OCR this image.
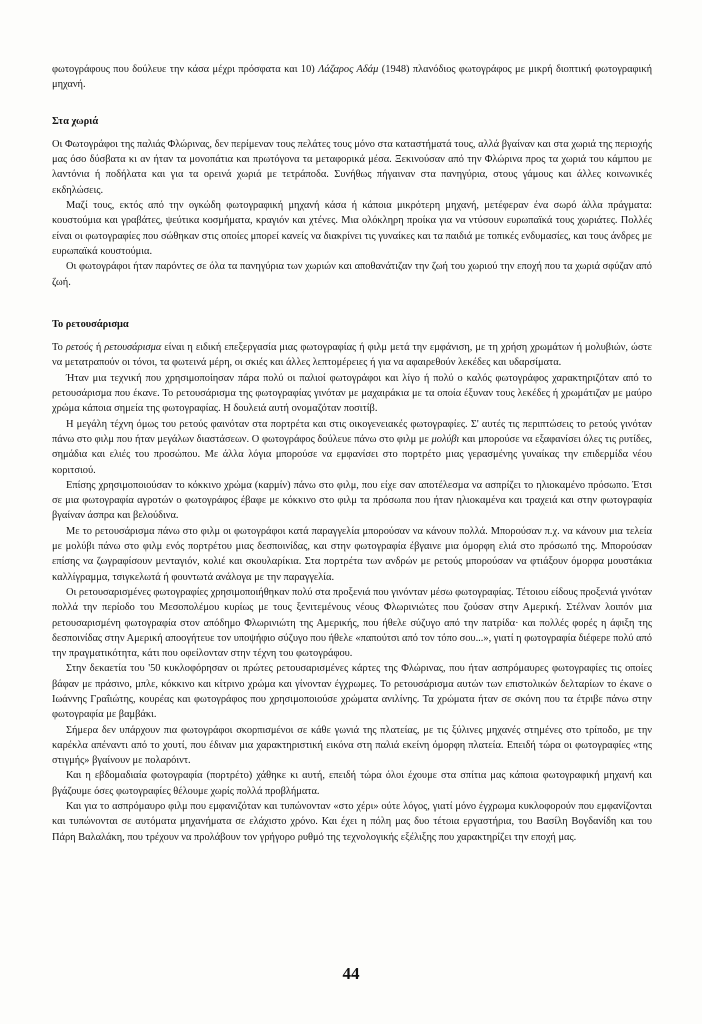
φωτογράφους που δούλευε την κάσα μέχρι πρόσφατα και 10) Λάζαρος Αδάμ (1948) πλανόδιος φωτογράφος με μικρή διοπτική φωτογραφική μηχανή.

Στα χωριά

Οι Φωτογράφοι της παλιάς Φλώρινας, δεν περίμεναν τους πελάτες τους μόνο στα καταστήματά τους, αλλά βγαίναν και στα χωριά της περιοχής μας όσο δύσβατα κι αν ήταν τα μονοπάτια και πρωτόγονα τα μεταφορικά μέσα. Ξεκινούσαν από την Φλώρινα προς τα χωριά του κάμπου με λαντόνια ή ποδήλατα και για τα ορεινά χωριά με τετράποδα. Συνήθως πήγαιναν στα πανηγύρια, στους γάμους και άλλες κοινωνικές εκδηλώσεις.

Μαζί τους, εκτός από την ογκώδη φωτογραφική μηχανή κάσα ή κάποια μικρότερη μηχανή, μετέφεραν ένα σωρό άλλα πράγματα: κουστούμια και γραβάτες, ψεύτικα κοσμήματα, κραγιόν και χτένες. Μια ολόκληρη προίκα για να ντύσουν ευρωπαϊκά τους χωριάτες. Πολλές είναι οι φωτογραφίες που σώθηκαν στις οποίες μπορεί κανείς να διακρίνει τις γυναίκες και τα παιδιά με τοπικές ενδυμασίες, και τους άνδρες με ευρωπαϊκά κουστούμια.

Οι φωτογράφοι ήταν παρόντες σε όλα τα πανηγύρια των χωριών και αποθανάτιζαν την ζωή του χωριού την εποχή που τα χωριά σφύζαν από ζωή.

Το ρετουσάρισμα

Το ρετούς ή ρετουσάρισμα είναι η ειδική επεξεργασία μιας φωτογραφίας ή φιλμ μετά την εμφάνιση, με τη χρήση χρωμάτων ή μολυβιών, ώστε να μετατραπούν οι τόνοι, τα φωτεινά μέρη, οι σκιές και άλλες λεπτομέρειες ή για να αφαιρεθούν λεκέδες και υδαρσίματα.

Ήταν μια τεχνική που χρησιμοποίησαν πάρα πολύ οι παλιοί φωτογράφοι και λίγο ή πολύ ο καλός φωτογράφος χαρακτηριζόταν από το ρετουσάρισμα που έκανε. Το ρετουσάρισμα της φωτογραφίας γινόταν με μαχαιράκια με τα οποία έξυναν τους λεκέδες ή χρωμάτιζαν με μαύρο χρώμα κάποια σημεία της φωτογραφίας. Η δουλειά αυτή ονομαζόταν ποσιτίβ.

Η μεγάλη τέχνη όμως του ρετούς φαινόταν στα πορτρέτα και στις οικογενειακές φωτογραφίες. Σ' αυτές τις περιπτώσεις το ρετούς γινόταν πάνω στο φιλμ που ήταν μεγάλων διαστάσεων. Ο φωτογράφος δούλευε πάνω στο φιλμ με μολύβι και μπορούσε να εξαφανίσει όλες τις ρυτίδες, σημάδια και ελιές του προσώπου. Με άλλα λόγια μπορούσε να εμφανίσει στο πορτρέτο μιας γερασμένης γυναίκας την επιδερμίδα νέου κοριτσιού.

Επίσης χρησιμοποιούσαν το κόκκινο χρώμα (καρμίν) πάνω στο φιλμ, που είχε σαν αποτέλεσμα να ασπρίζει το ηλιοκαμένο πρόσωπο. Έτσι σε μια φωτογραφία αγροτών ο φωτογράφος έβαφε με κόκκινο στο φιλμ τα πρόσωπα που ήταν ηλιοκαμένα και τραχειά και στην φωτογραφία βγαίναν άσπρα και βελούδινα.

Με το ρετουσάρισμα πάνω στο φιλμ οι φωτογράφοι κατά παραγγελία μπορούσαν να κάνουν πολλά. Μπορούσαν π.χ. να κάνουν μια τελεία με μολύβι πάνω στο φιλμ ενός πορτρέτου μιας δεσποινίδας, και στην φωτογραφία έβγαινε μια όμορφη ελιά στο πρόσωπό της. Μπορούσαν επίσης να ζωγραφίσουν μενταγιόν, κολιέ και σκουλαρίκια. Στα πορτρέτα των ανδρών με ρετούς μπορούσαν να φτιάξουν όμορφα μουστάκια καλλίγραμμα, τσιγκελωτά ή φουντωτά ανάλογα με την παραγγελία.

Οι ρετουσαρισμένες φωτογραφίες χρησιμοποιήθηκαν πολύ στα προξενιά που γινόνταν μέσω φωτογραφίας. Τέτοιου είδους προξενιά γινόταν πολλά την περίοδο του Μεσοπολέμου κυρίως με τους ξενιτεμένους νέους Φλωρινιώτες που ζούσαν στην Αμερική. Στέλναν λοιπόν μια ρετουσαρισμένη φωτογραφία στον απόδημο Φλωρινιώτη της Αμερικής, που ήθελε σύζυγο από την πατρίδα· και πολλές φορές η άφιξη της δεσποινίδας στην Αμερική αποογήτευε τον υποψήφιο σύζυγο που ήθελε «παπούτσι από τον τόπο σου...», γιατί η φωτογραφία διέφερε πολύ από την πραγματικότητα, κάτι που οφείλονταν στην τέχνη του φωτογράφου.

Στην δεκαετία του '50 κυκλοφόρησαν οι πρώτες ρετουσαρισμένες κάρτες της Φλώρινας, που ήταν ασπρόμαυρες φωτογραφίες τις οποίες βάφαν με πράσινο, μπλε, κόκκινο και κίτρινο χρώμα και γίνονταν έγχρωμες. Το ρετουσάρισμα αυτών των επιστολικών δελταρίων το έκανε ο Ιωάννης Γραΐιώτης, κουρέας και φωτογράφος που χρησιμοποιούσε χρώματα ανιλίνης. Τα χρώματα ήταν σε σκόνη που τα έτριβε πάνω στην φωτογραφία με βαμβάκι.

Σήμερα δεν υπάρχουν πια φωτογράφοι σκορπισμένοι σε κάθε γωνιά της πλατείας, με τις ξύλινες μηχανές στημένες στο τρίποδο, με την καρέκλα απέναντι από το χουτί, που έδιναν μια χαρακτηριστική εικόνα στη παλιά εκείνη όμορφη πλατεία. Επειδή τώρα οι φωτογραφίες «της στιγμής» βγαίνουν με πολαρόιντ.

Και η εβδομαδιαία φωτογραφία (πορτρέτο) χάθηκε κι αυτή, επειδή τώρα όλοι έχουμε στα σπίτια μας κάποια φωτογραφική μηχανή και βγάζουμε όσες φωτογραφίες θέλουμε χωρίς πολλά προβλήματα.

Και για το ασπρόμαυρο φιλμ που εμφανιζόταν και τυπώνονταν «στο χέρι» ούτε λόγος, γιατί μόνο έγχρωμα κυκλοφορούν που εμφανίζονται και τυπώνονται σε αυτόματα μηχανήματα σε ελάχιστο χρόνο. Και έχει η πόλη μας δυο τέτοια εργαστήρια, του Βασίλη Βογδανίδη και του Πάρη Βαλαλάκη, που τρέχουν να προλάβουν τον γρήγορο ρυθμό της τεχνολογικής εξέλιξης που χαρακτηρίζει την εποχή μας.

44
